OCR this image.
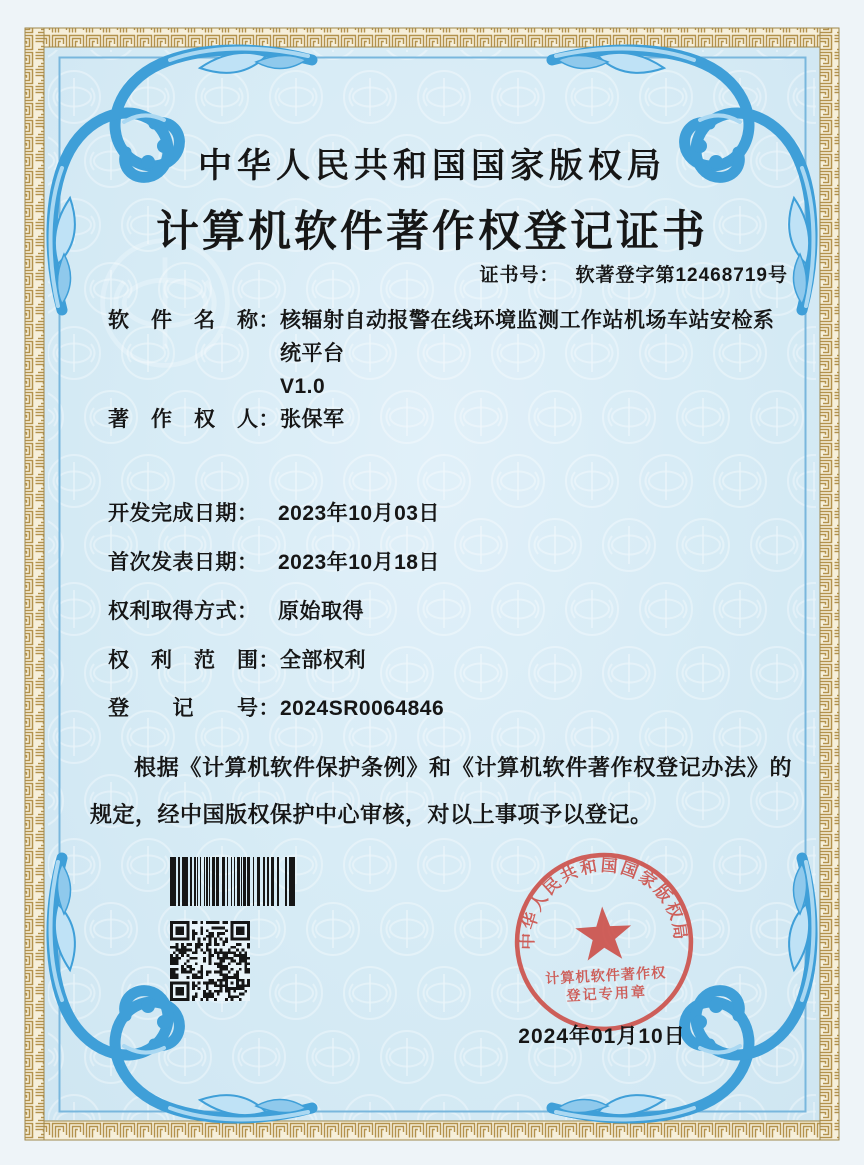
中华人民共和国国家版权局
计算机软件著作权登记证书
证书号： 软著登字第12468719号
软　件　名　称： 核辐射自动报警在线环境监测工作站机场车站安检系
统平台
V1.0
著　作　权　人：张保军
开发完成日期： 2023年10月03日
首次发表日期： 2023年10月18日
权利取得方式： 原始取得
权　利　范　围：全部权利
登　　记　　号：2024SR0064846

根据《计算机软件保护条例》和《计算机软件著作权登记办法》的规定，经中国版权保护中心审核，对以上事项予以登记。

中华人民共和国国家版权局
计算机软件著作权
登记专用章
2024年01月10日
